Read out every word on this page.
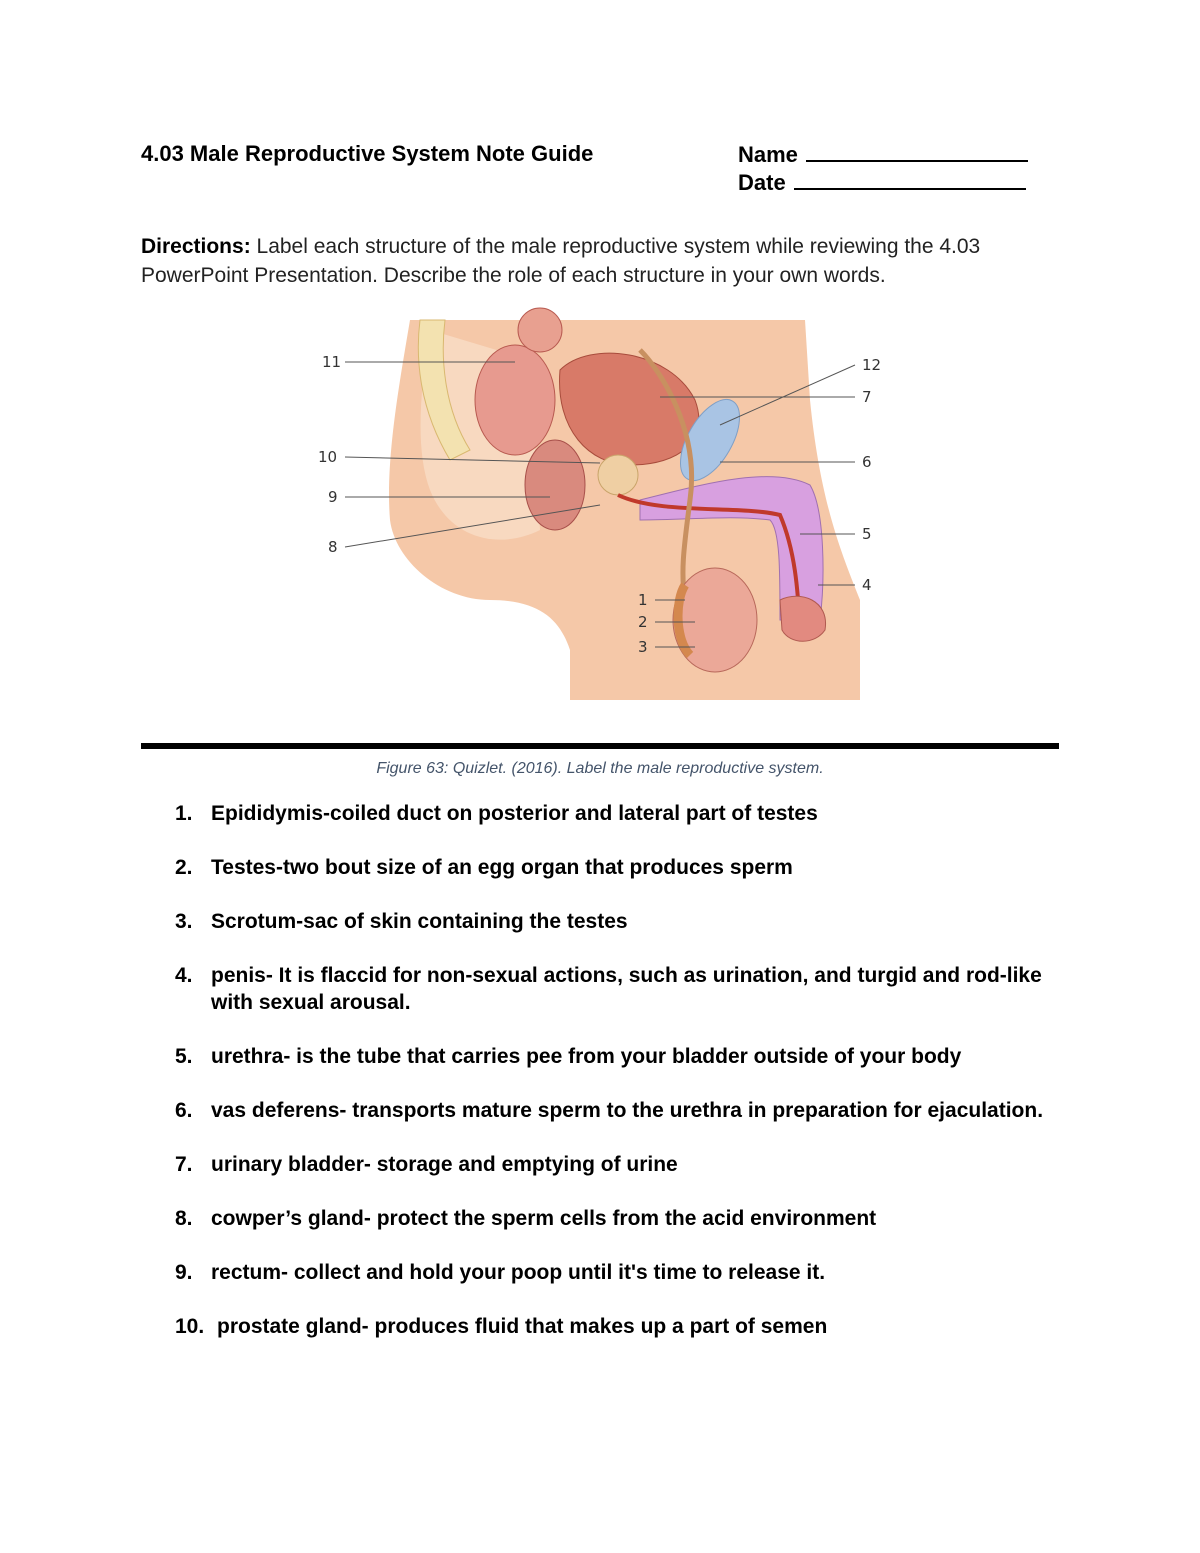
4.03 Male Reproductive System Note Guide	Name
Date
Directions: Label each structure of the male reproductive system while reviewing the 4.03 PowerPoint Presentation. Describe the role of each structure in your own words.
11
10
9
8
12
7
6
5
4
1
2
3
Figure 63: Quizlet. (2016). Label the male reproductive system.
1. Epididymis-coiled duct on posterior and lateral part of testes
2. Testes-two bout size of an egg organ that produces sperm
3. Scrotum-sac of skin containing the testes
4. penis- It is flaccid for non-sexual actions, such as urination, and turgid and rod-like with sexual arousal.
5. urethra- is the tube that carries pee from your bladder outside of your body
6. vas deferens- transports mature sperm to the urethra in preparation for ejaculation.
7. urinary bladder- storage and emptying of urine
8. cowper’s gland- protect the sperm cells from the acid environment
9. rectum- collect and hold your poop until it's time to release it.
10. prostate gland- produces fluid that makes up a part of semen
